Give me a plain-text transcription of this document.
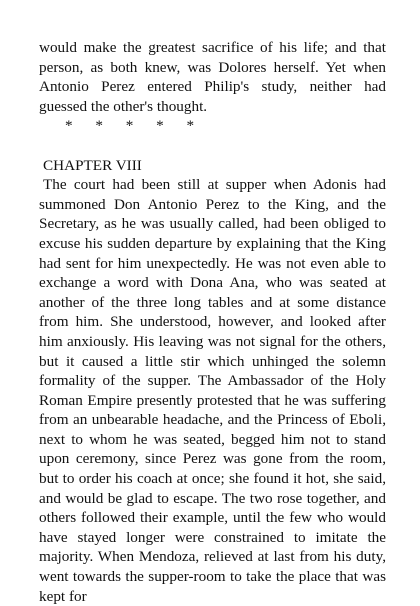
would make the greatest sacrifice of his life; and that person, as both knew, was Dolores herself. Yet when Antonio Perez entered Philip's study, neither had guessed the other's thought.

*      *      *      *      *

CHAPTER VIII

The court had been still at supper when Adonis had summoned Don Antonio Perez to the King, and the Secretary, as he was usually called, had been obliged to excuse his sudden departure by explaining that the King had sent for him unexpectedly. He was not even able to exchange a word with Dona Ana, who was seated at another of the three long tables and at some distance from him. She understood, however, and looked after him anxiously. His leaving was not signal for the others, but it caused a little stir which unhinged the solemn formality of the supper. The Ambassador of the Holy Roman Empire presently protested that he was suffering from an unbearable headache, and the Princess of Eboli, next to whom he was seated, begged him not to stand upon ceremony, since Perez was gone from the room, but to order his coach at once; she found it hot, she said, and would be glad to escape. The two rose together, and others followed their example, until the few who would have stayed longer were constrained to imitate the majority. When Mendoza, relieved at last from his duty, went towards the supper-room to take the place that was kept for
